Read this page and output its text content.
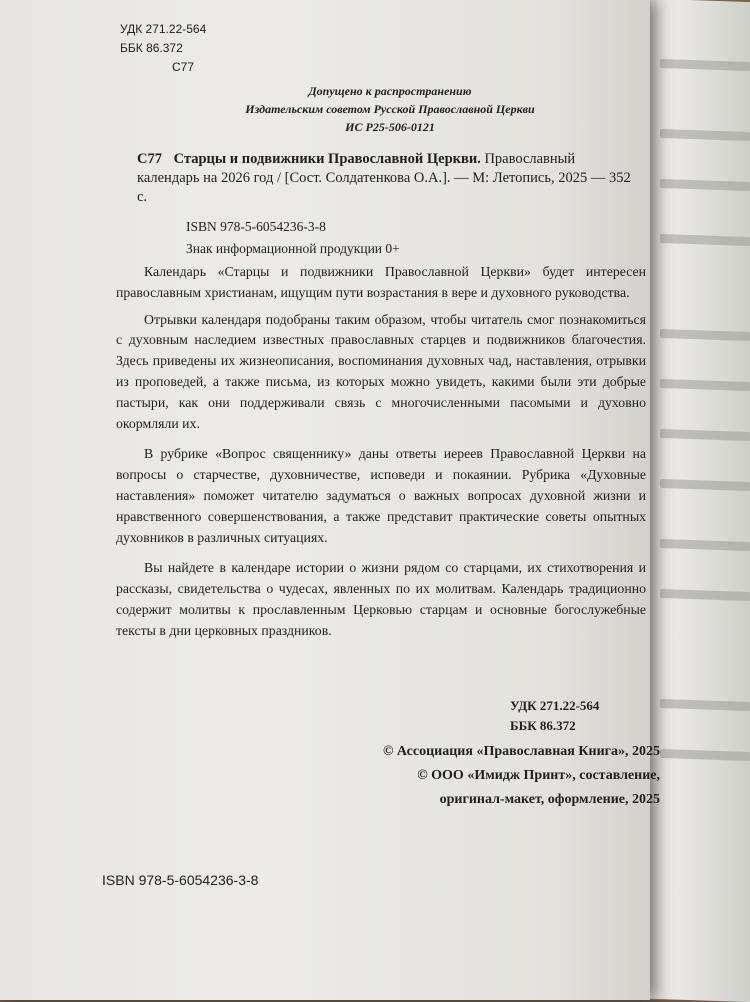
УДК 271.22-564
ББК 86.372
С77
Допущено к распространению
Издательским советом Русской Православной Церкви
ИС Р25-506-0121
С77 Старцы и подвижники Православной Церкви. Православный календарь на 2026 год / [Сост. Солдатенкова О.А.]. — М: Летопись, 2025 — 352 с.
ISBN 978-5-6054236-3-8
Знак информационной продукции 0+

Календарь «Старцы и подвижники Православной Церкви» будет интересен православным христианам, ищущим пути возрастания в вере и духовного руководства.

Отрывки календаря подобраны таким образом, чтобы читатель смог познакомиться с духовным наследием известных православных старцев и подвижников благочестия. Здесь приведены их жизнеописания, воспоминания духовных чад, наставления, отрывки из проповедей, а также письма, из которых можно увидеть, какими были эти добрые пастыри, как они поддерживали связь с многочисленными пасомыми и духовно окормляли их.

В рубрике «Вопрос священнику» даны ответы иереев Православной Церкви на вопросы о старчестве, духовничестве, исповеди и покаянии. Рубрика «Духовные наставления» поможет читателю задуматься о важных вопросах духовной жизни и нравственного совершенствования, а также представит практические советы опытных духовников в различных ситуациях.

Вы найдете в календаре истории о жизни рядом со старцами, их стихотворения и рассказы, свидетельства о чудесах, явленных по их молитвам. Календарь традиционно содержит молитвы к прославленным Церковью старцам и основные богослужебные тексты в дни церковных праздников.

УДК 271.22-564
ББК 86.372
© Ассоциация «Православная Книга», 2025
© ООО «Имидж Принт», составление,
оригинал-макет, оформление, 2025
ISBN 978-5-6054236-3-8
